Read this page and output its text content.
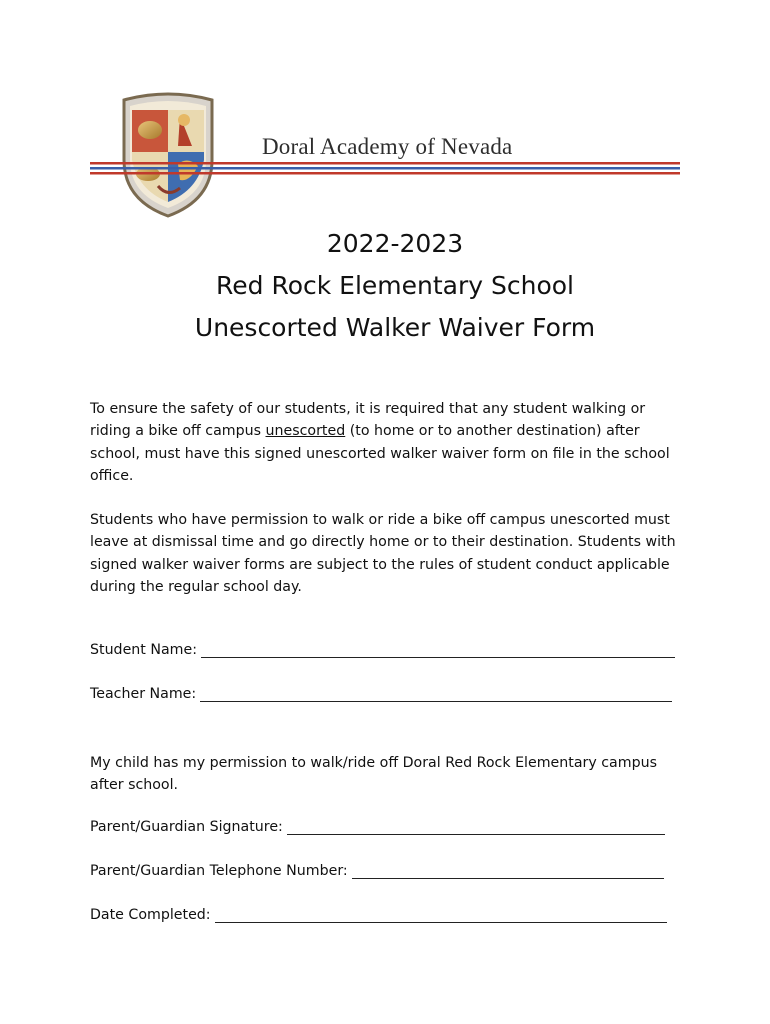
Doral Academy of Nevada
2022-2023
Red Rock Elementary School
Unescorted Walker Waiver Form
To ensure the safety of our students, it is required that any student walking or riding a bike off campus unescorted (to home or to another destination) after school, must have this signed unescorted walker waiver form on file in the school office.
Students who have permission to walk or ride a bike off campus unescorted must leave at dismissal time and go directly home or to their destination. Students with signed walker waiver forms are subject to the rules of student conduct applicable during the regular school day.
Student Name:
Teacher Name:
My child has my permission to walk/ride off Doral Red Rock Elementary campus after school.
Parent/Guardian Signature:
Parent/Guardian Telephone Number:
Date Completed:
